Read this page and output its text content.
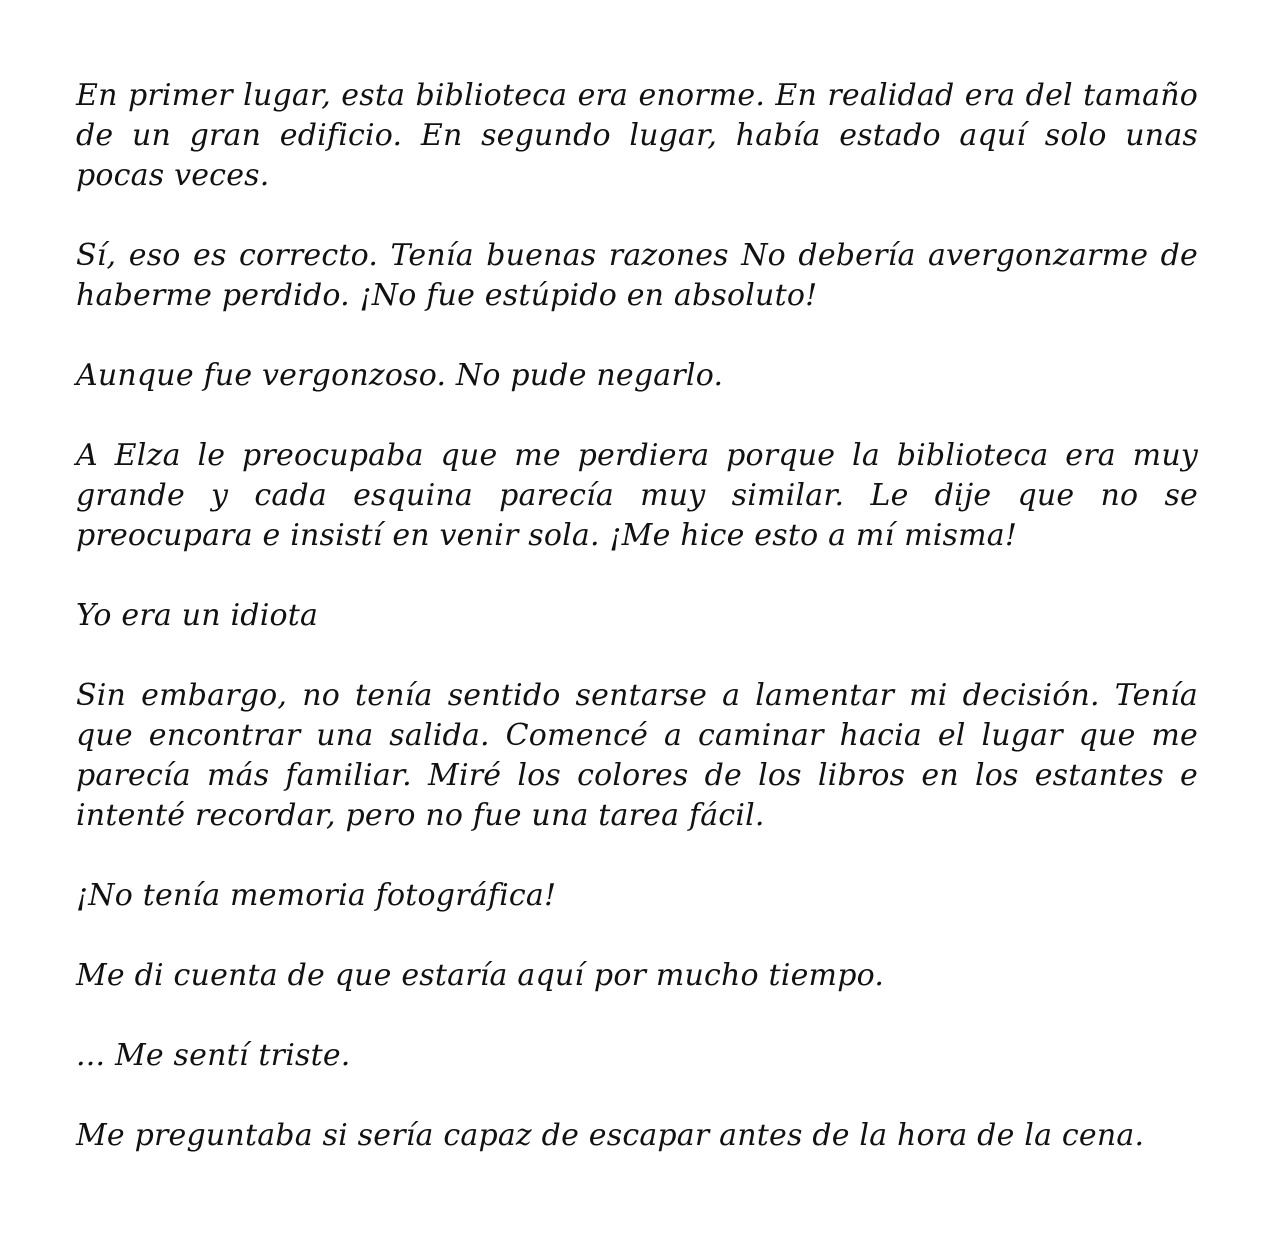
En primer lugar, esta biblioteca era enorme. En realidad era del tamaño de un gran edificio. En segundo lugar, había estado aquí solo unas pocas veces.

Sí, eso es correcto. Tenía buenas razones No debería avergonzarme de haberme perdido. ¡No fue estúpido en absoluto!

Aunque fue vergonzoso. No pude negarlo.

A Elza le preocupaba que me perdiera porque la biblioteca era muy grande y cada esquina parecía muy similar. Le dije que no se preocupara e insistí en venir sola. ¡Me hice esto a mí misma!

Yo era un idiota

Sin embargo, no tenía sentido sentarse a lamentar mi decisión. Tenía que encontrar una salida. Comencé a caminar hacia el lugar que me parecía más familiar. Miré los colores de los libros en los estantes e intenté recordar, pero no fue una tarea fácil.

¡No tenía memoria fotográfica!

Me di cuenta de que estaría aquí por mucho tiempo.

... Me sentí triste.

Me preguntaba si sería capaz de escapar antes de la hora de la cena.
